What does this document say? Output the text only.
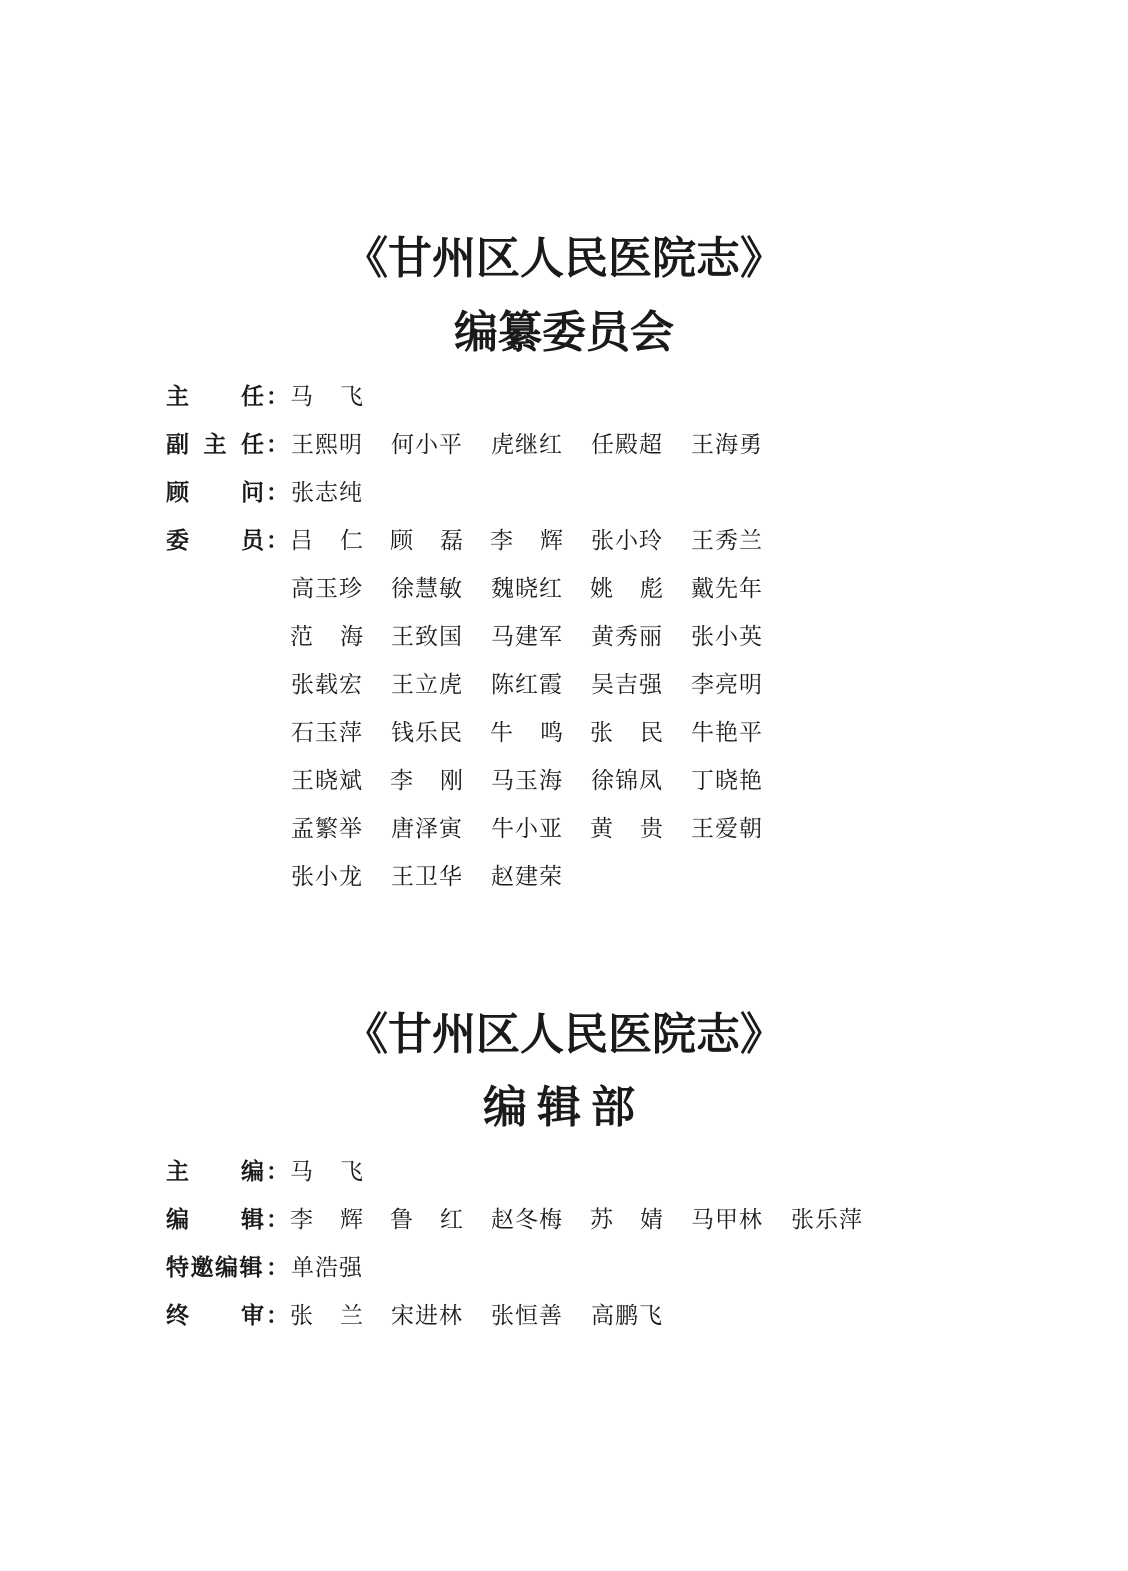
《甘州区人民医院志》
编纂委员会
《甘州区人民医院志》
编辑部
主 任 ： 马 飞
副 主 任 ： 王 熙 明 何 小 平 虎 继 红 任 殿 超 王 海 勇
顾 问 ： 张 志 纯
委 员 ： 吕 仁 顾 磊 李 辉 张 小 玲 王 秀 兰
高 玉 珍 徐 慧 敏 魏 晓 红 姚 彪 戴 先 年
范 海 王 致 国 马 建 军 黄 秀 丽 张 小 英
张 载 宏 王 立 虎 陈 红 霞 吴 吉 强 李 亮 明
石 玉 萍 钱 乐 民 牛 鸣 张 民 牛 艳 平
王 晓 斌 李 刚 马 玉 海 徐 锦 凤 丁 晓 艳
孟 繁 举 唐 泽 寅 牛 小 亚 黄 贵 王 爱 朝
张 小 龙 王 卫 华 赵 建 荣
主 编 ： 马 飞
编 辑 ： 李 辉 鲁 红 赵 冬 梅 苏 婧 马 甲 林 张 乐 萍
特 邀 编 辑 ： 单 浩 强
终 审 ： 张 兰 宋 进 林 张 恒 善 高 鹏 飞
